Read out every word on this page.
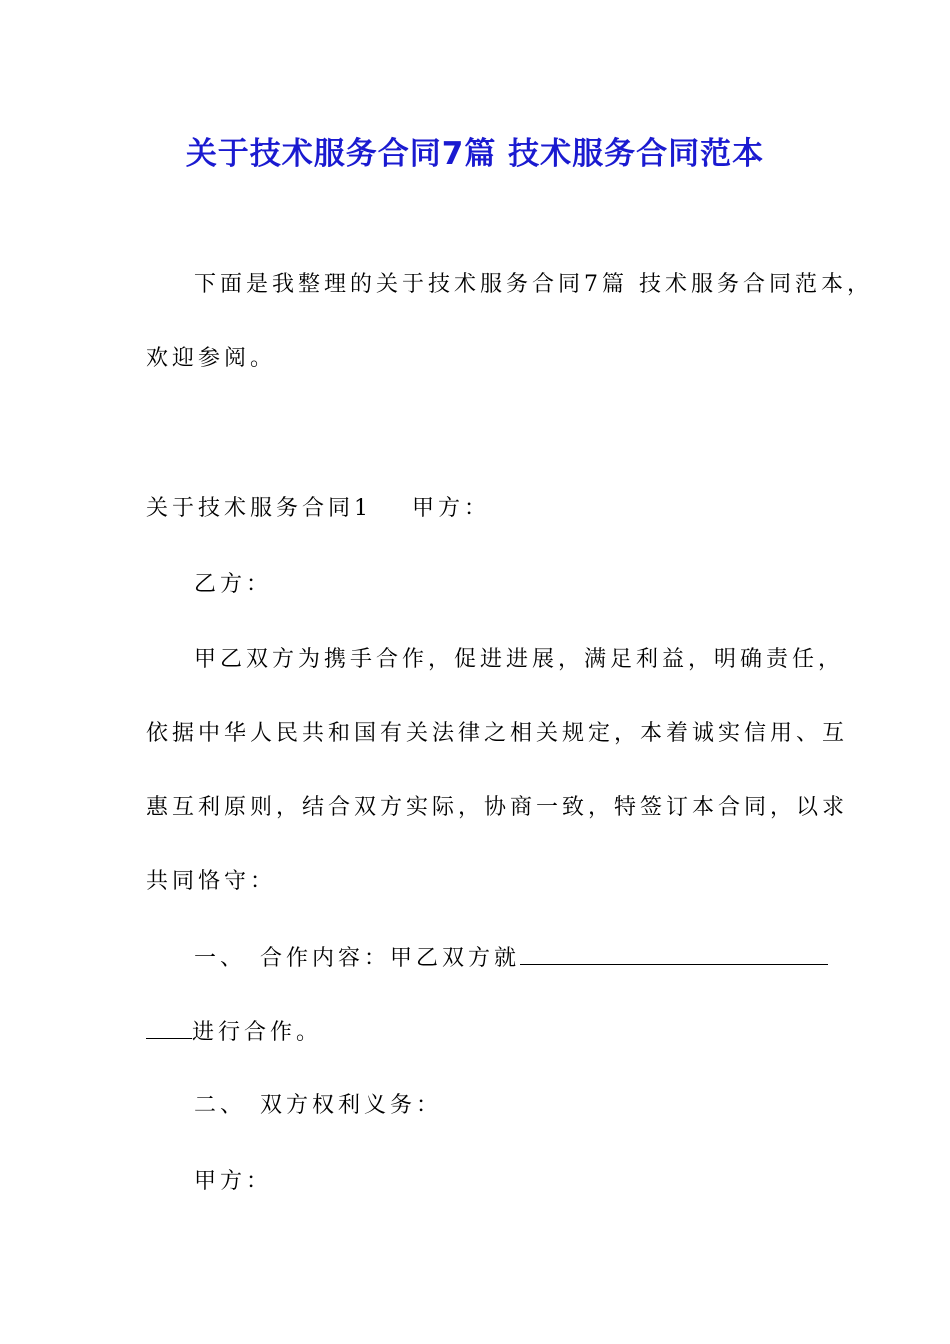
关于技术服务合同7篇 技术服务合同范本
下面是我整理的关于技术服务合同7篇 技术服务合同范本，
欢迎参阅。
关于技术服务合同1 甲方：
乙方：
甲乙双方为携手合作，促进进展，满足利益，明确责任，
依据中华人民共和国有关法律之相关规定，本着诚实信用、互
惠互利原则，结合双方实际，协商一致，特签订本合同，以求
共同恪守：
一、 合作内容：甲乙双方就
进行合作。
二、 双方权利义务：
甲方：
